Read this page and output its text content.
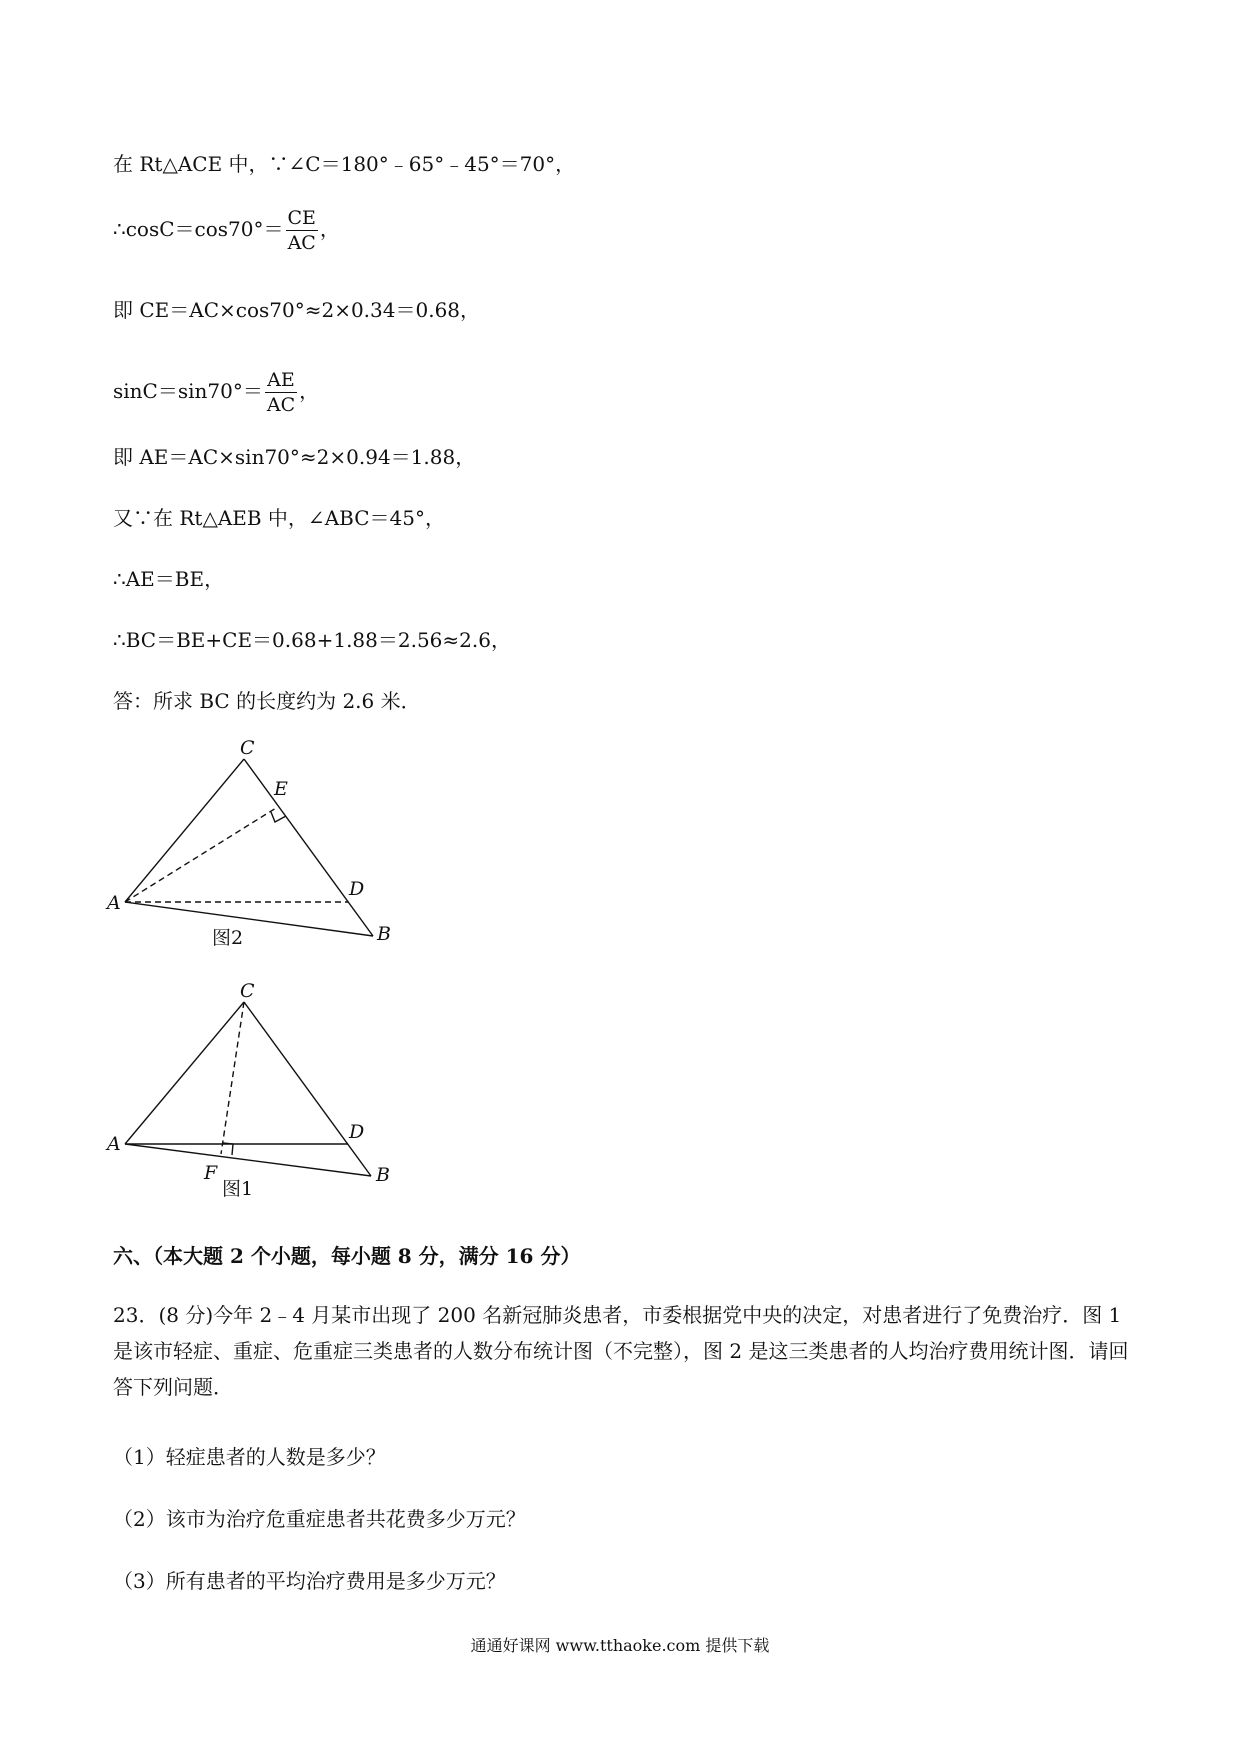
在 Rt△ACE 中，∵∠C＝180°﹣65°﹣45°＝70°，
∴cosC＝cos70°＝ $\frac{CE}{AC}$ ，
即 CE＝AC×cos70°≈2×0.34＝0.68，
$\sin C=\sin 70^\circ= \frac{AE}{AC}$ ，
即 AE＝AC×sin70°≈2×0.94＝1.88，
又∵在 Rt△AEB 中，∠ABC＝45°，
∴AE＝BE，
∴BC＝BE+CE＝0.68+1.88＝2.56≈2.6，
答：所求 BC 的长度约为 2.6 米．
C
E
A
D
B
图2
C
A
D
F	B
图1
六、（本大题 2 个小题，每小题 8 分，满分 16 分）
23．(8 分)今年 2﹣4 月某市出现了 200 名新冠肺炎患者，市委根据党中央的决定，对患者进行了免费治疗．图 1 是该市轻症、重症、危重症三类患者的人数分布统计图（不完整），图 2 是这三类患者的人均治疗费用统计图．请回答下列问题．
（1）轻症患者的人数是多少？
（2）该市为治疗危重症患者共花费多少万元？
（3）所有患者的平均治疗费用是多少万元？
通通好课网 www.tthaoke.com 提供下载
